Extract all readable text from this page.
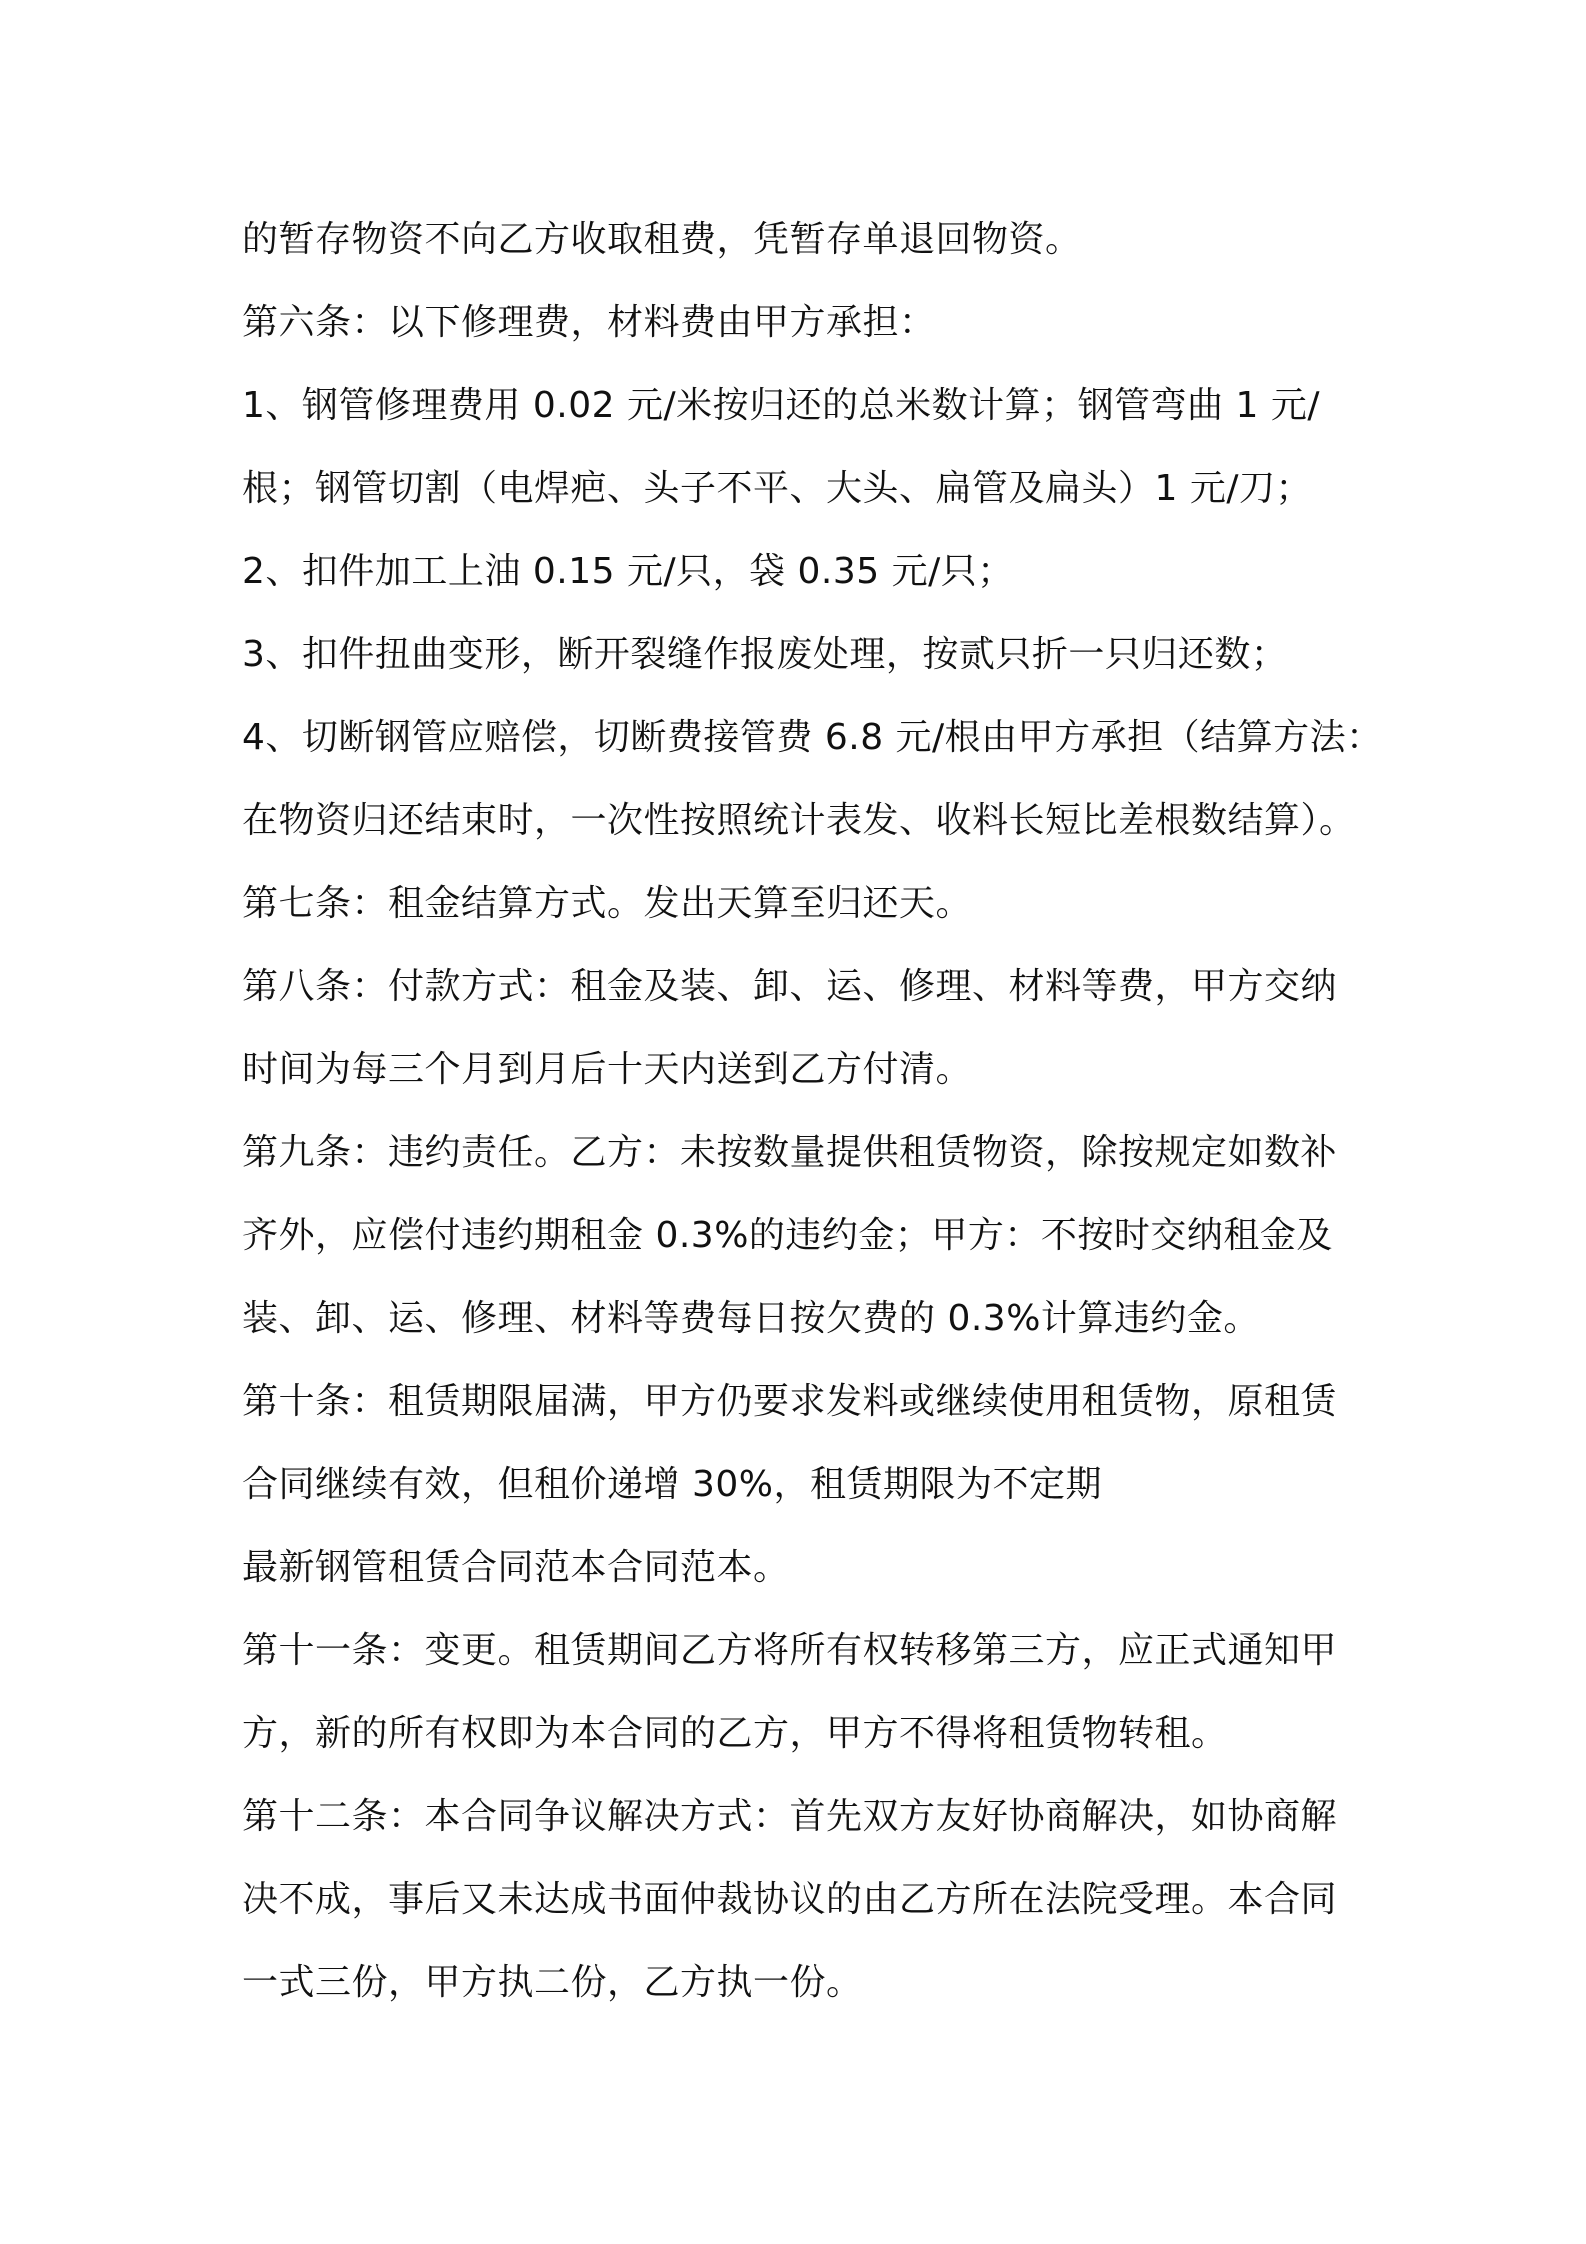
的暂存物资不向乙方收取租费，凭暂存单退回物资。

第六条：以下修理费，材料费由甲方承担：

1、钢管修理费用 0.02 元/米按归还的总米数计算；钢管弯曲 1 元/

根；钢管切割（电焊疤、头子不平、大头、扁管及扁头）1 元/刀；

2、扣件加工上油 0.15 元/只，袋 0.35 元/只；

3、扣件扭曲变形，断开裂缝作报废处理，按贰只折一只归还数；

4、切断钢管应赔偿，切断费接管费 6.8 元/根由甲方承担（结算方法：

在物资归还结束时，一次性按照统计表发、收料长短比差根数结算）。

第七条：租金结算方式。发出天算至归还天。

第八条：付款方式：租金及装、卸、运、修理、材料等费，甲方交纳

时间为每三个月到月后十天内送到乙方付清。

第九条：违约责任。乙方：未按数量提供租赁物资，除按规定如数补

齐外，应偿付违约期租金 0.3%的违约金；甲方：不按时交纳租金及

装、卸、运、修理、材料等费每日按欠费的 0.3%计算违约金。

第十条：租赁期限届满，甲方仍要求发料或继续使用租赁物，原租赁

合同继续有效，但租价递增 30%，租赁期限为不定期

最新钢管租赁合同范本合同范本。

第十一条：变更。租赁期间乙方将所有权转移第三方，应正式通知甲

方，新的所有权即为本合同的乙方，甲方不得将租赁物转租。

第十二条：本合同争议解决方式：首先双方友好协商解决，如协商解

决不成，事后又未达成书面仲裁协议的由乙方所在法院受理。本合同

一式三份，甲方执二份，乙方执一份。
